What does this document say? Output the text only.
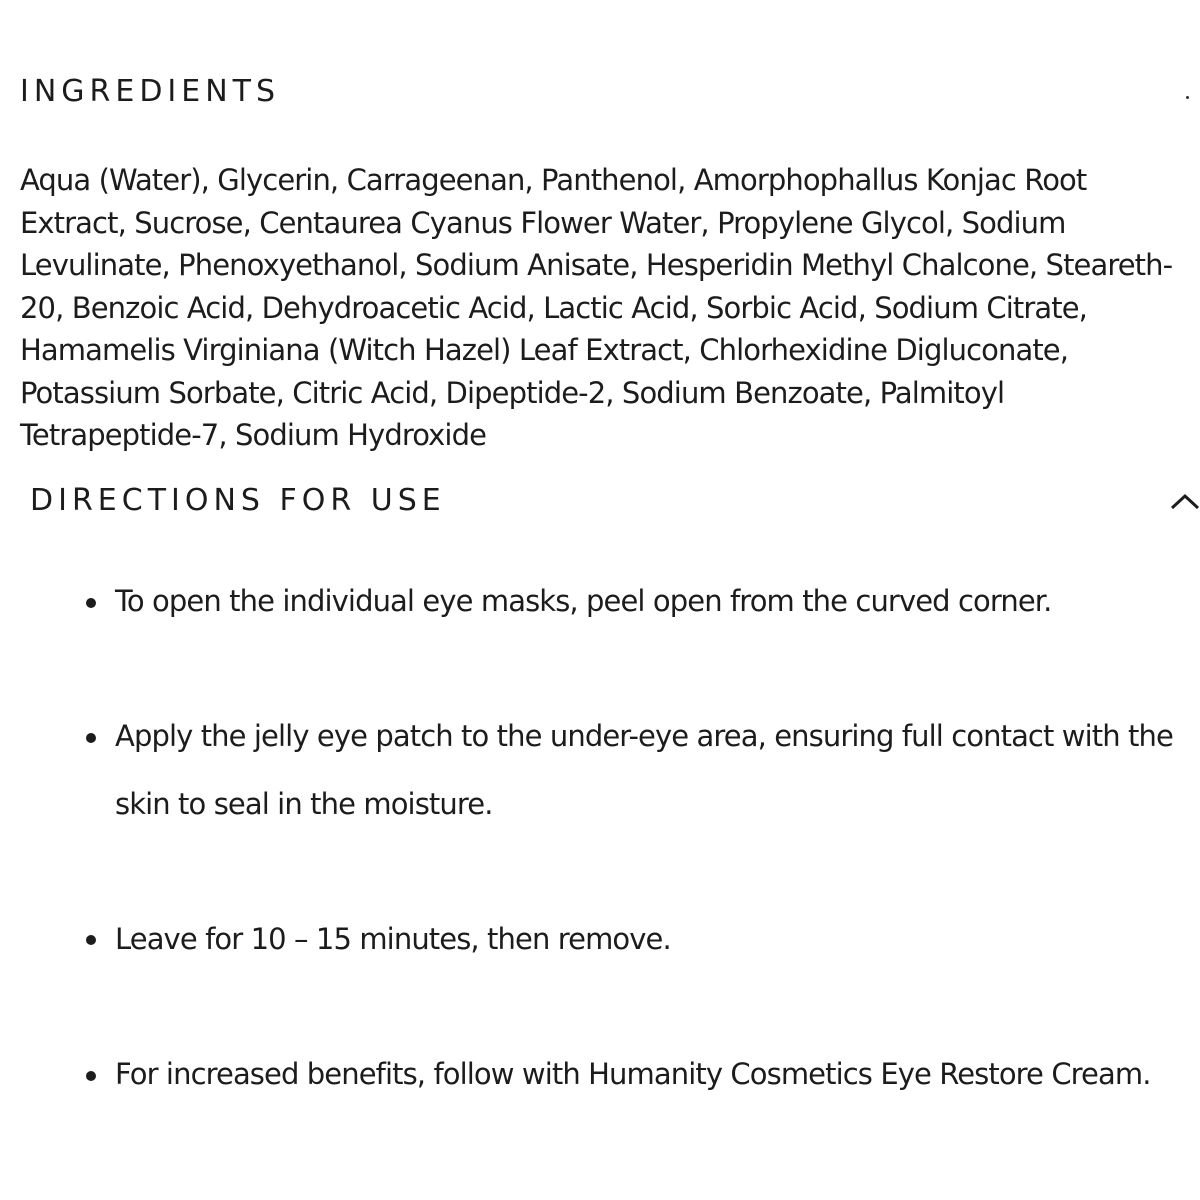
INGREDIENTS

Aqua (Water), Glycerin, Carrageenan, Panthenol, Amorphophallus Konjac Root
Extract, Sucrose, Centaurea Cyanus Flower Water, Propylene Glycol, Sodium
Levulinate, Phenoxyethanol, Sodium Anisate, Hesperidin Methyl Chalcone, Steareth-
20, Benzoic Acid, Dehydroacetic Acid, Lactic Acid, Sorbic Acid, Sodium Citrate,
Hamamelis Virginiana (Witch Hazel) Leaf Extract, Chlorhexidine Digluconate,
Potassium Sorbate, Citric Acid, Dipeptide-2, Sodium Benzoate, Palmitoyl
Tetrapeptide-7, Sodium Hydroxide

DIRECTIONS FOR USE
To open the individual eye masks, peel open from the curved corner.
Apply the jelly eye patch to the under-eye area, ensuring full contact with the
skin to seal in the moisture.
Leave for 10 – 15 minutes, then remove.
For increased benefits, follow with Humanity Cosmetics Eye Restore Cream.
